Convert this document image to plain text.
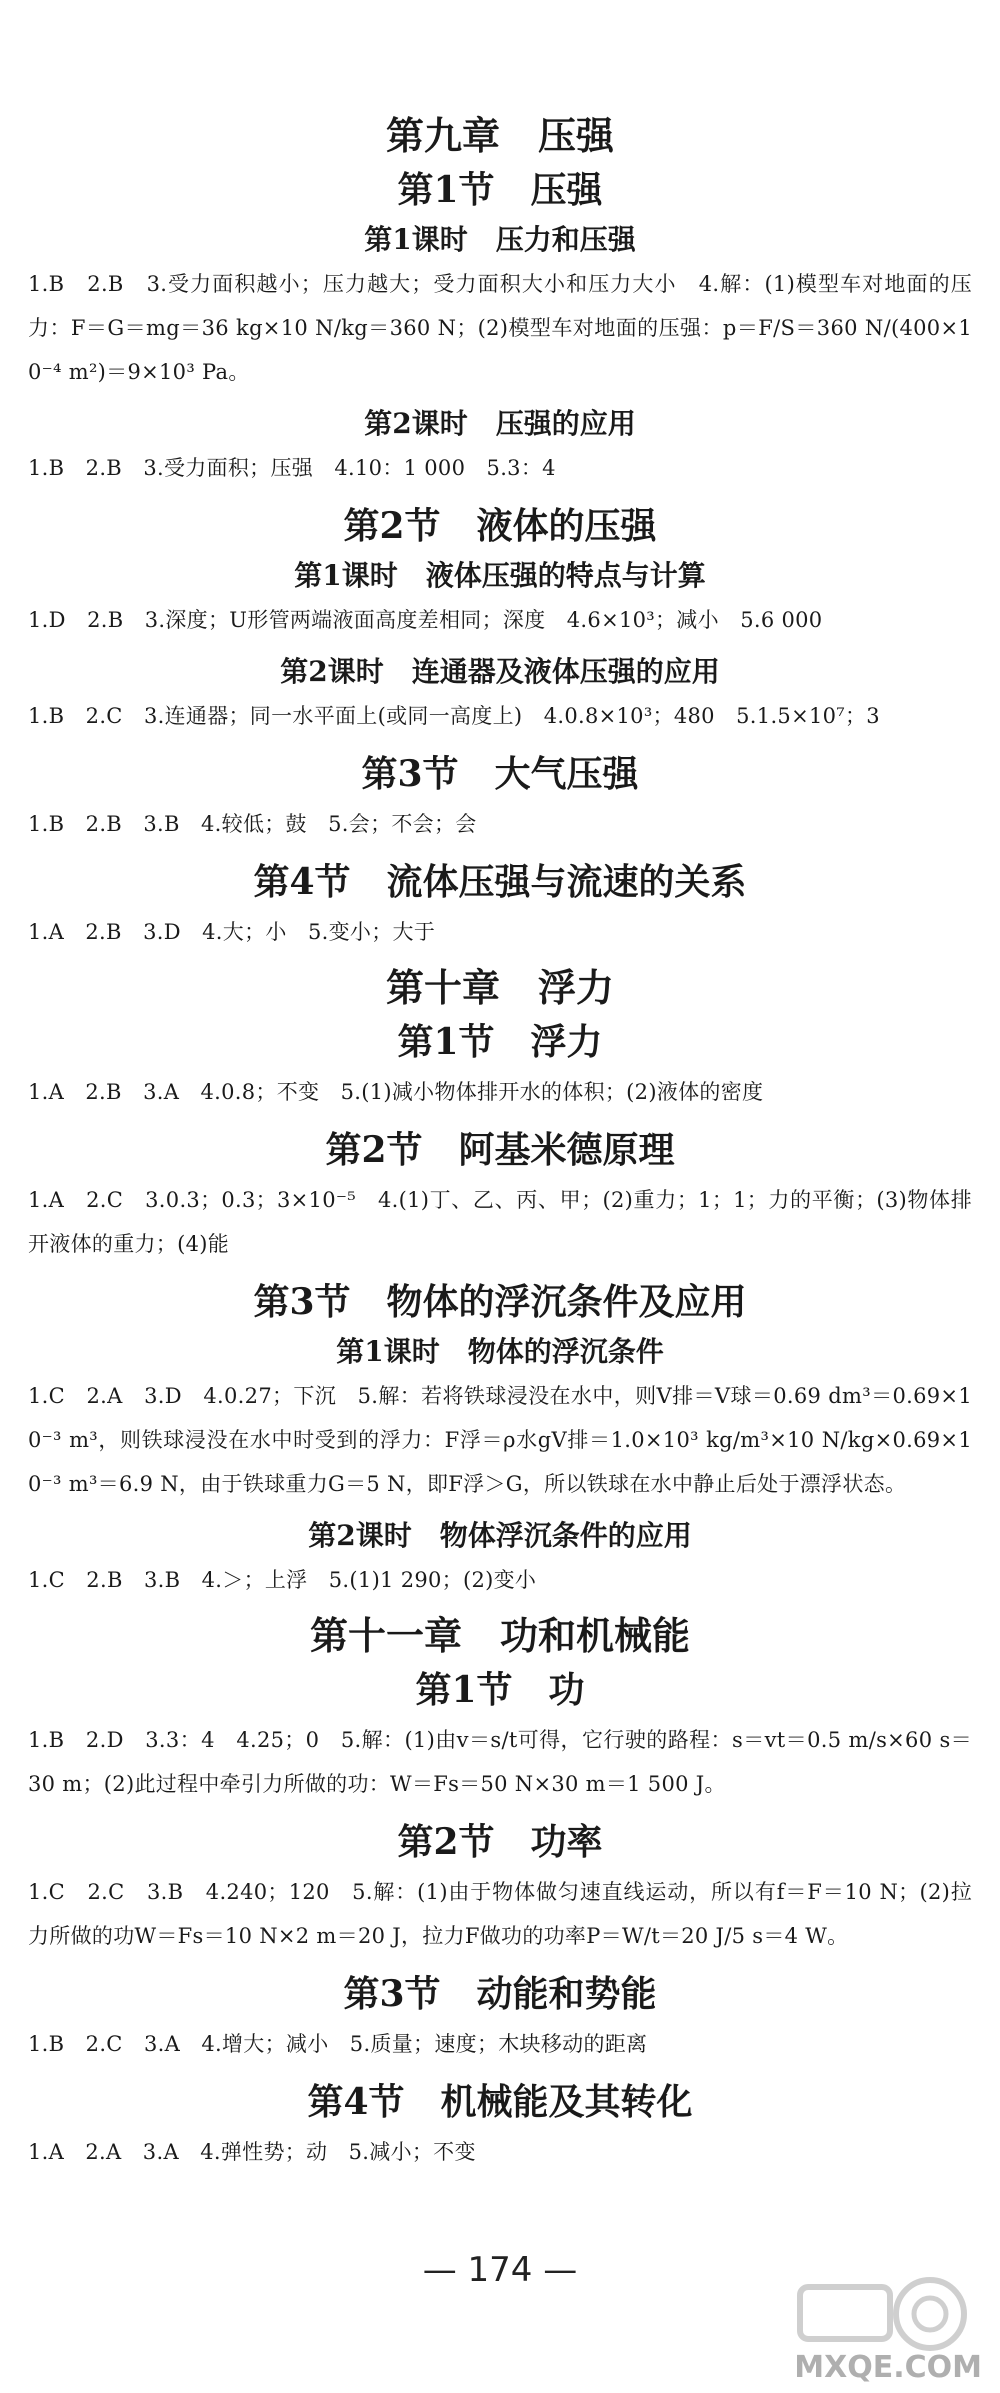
第九章　压强
第1节　压强
第1课时　压力和压强

1.B　2.B　3.受力面积越小；压力越大；受力面积大小和压力大小　4.解：(1)模型车对地面的压力：F＝G＝mg＝36 kg×10 N/kg＝360 N；(2)模型车对地面的压强：p＝F/S＝360 N/(400×10⁻⁴ m²)＝9×10³ Pa。

第2课时　压强的应用

1.B　2.B　3.受力面积；压强　4.10：1 000　5.3：4

第2节　液体的压强
第1课时　液体压强的特点与计算

1.D　2.B　3.深度；U形管两端液面高度差相同；深度　4.6×10³；减小　5.6 000

第2课时　连通器及液体压强的应用

1.B　2.C　3.连通器；同一水平面上(或同一高度上)　4.0.8×10³；480　5.1.5×10⁷；3

第3节　大气压强

1.B　2.B　3.B　4.较低；鼓　5.会；不会；会

第4节　流体压强与流速的关系

1.A　2.B　3.D　4.大；小　5.变小；大于

第十章　浮力
第1节　浮力

1.A　2.B　3.A　4.0.8；不变　5.(1)减小物体排开水的体积；(2)液体的密度

第2节　阿基米德原理

1.A　2.C　3.0.3；0.3；3×10⁻⁵　4.(1)丁、乙、丙、甲；(2)重力；1；1；力的平衡；(3)物体排开液体的重力；(4)能

第3节　物体的浮沉条件及应用
第1课时　物体的浮沉条件

1.C　2.A　3.D　4.0.27；下沉　5.解：若将铁球浸没在水中，则V排＝V球＝0.69 dm³＝0.69×10⁻³ m³，则铁球浸没在水中时受到的浮力：F浮＝ρ水gV排＝1.0×10³ kg/m³×10 N/kg×0.69×10⁻³ m³＝6.9 N，由于铁球重力G＝5 N，即F浮＞G，所以铁球在水中静止后处于漂浮状态。

第2课时　物体浮沉条件的应用

1.C　2.B　3.B　4.＞；上浮　5.(1)1 290；(2)变小

第十一章　功和机械能
第1节　功

1.B　2.D　3.3：4　4.25；0　5.解：(1)由v＝s/t可得，它行驶的路程：s＝vt＝0.5 m/s×60 s＝30 m；(2)此过程中牵引力所做的功：W＝Fs＝50 N×30 m＝1 500 J。

第2节　功率

1.C　2.C　3.B　4.240；120　5.解：(1)由于物体做匀速直线运动，所以有f＝F＝10 N；(2)拉力所做的功W＝Fs＝10 N×2 m＝20 J，拉力F做功的功率P＝W/t＝20 J/5 s＝4 W。

第3节　动能和势能

1.B　2.C　3.A　4.增大；减小　5.质量；速度；木块移动的距离

第4节　机械能及其转化

1.A　2.A　3.A　4.弹性势；动　5.减小；不变

— 174 —
MXQE.COM
